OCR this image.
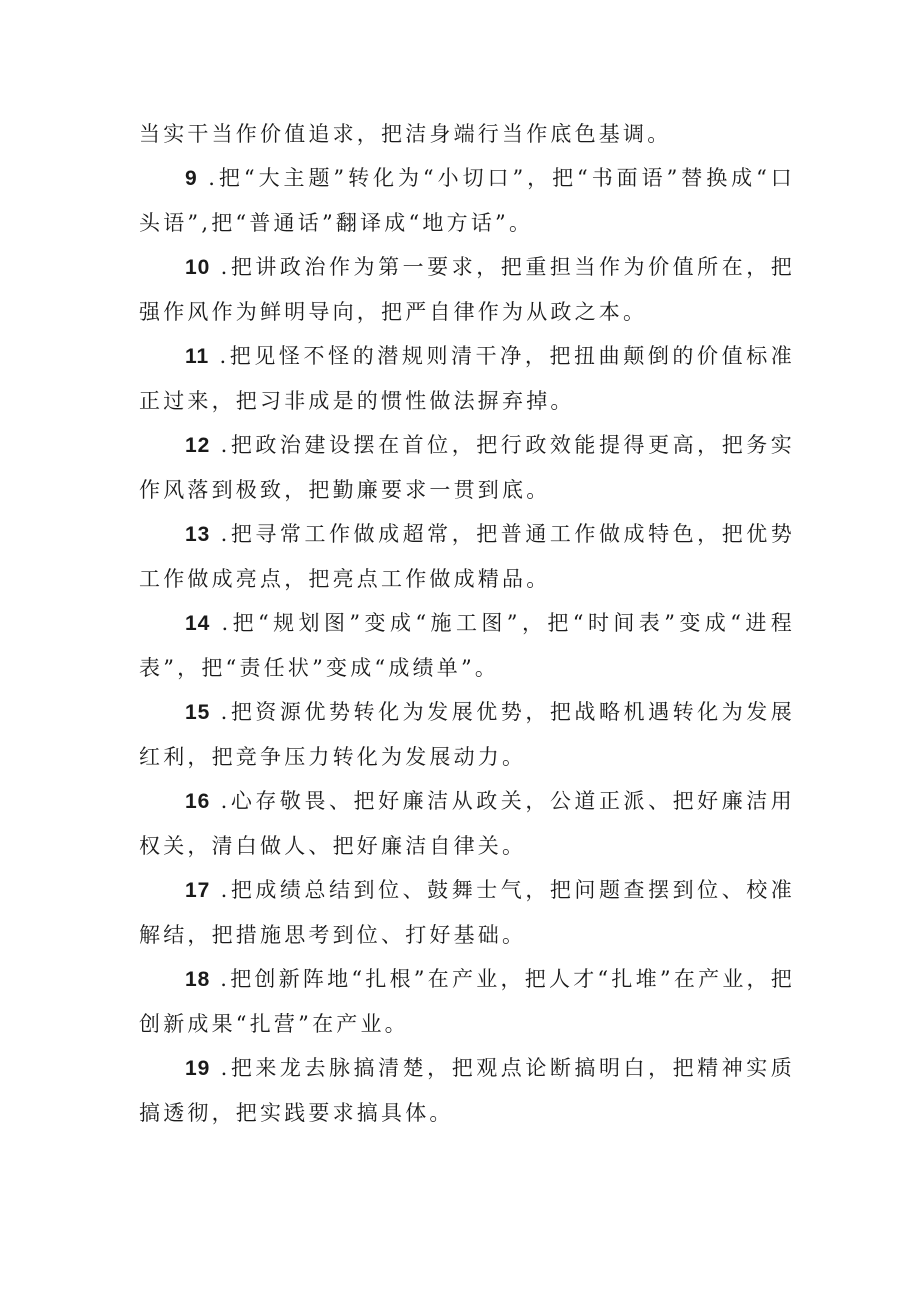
当实干当作价值追求，把洁身端行当作底色基调。

9 .把“大主题”转化为“小切口”，把“书面语”替换成“口头语”,把“普通话”翻译成“地方话”。

10 .把讲政治作为第一要求，把重担当作为价值所在，把强作风作为鲜明导向，把严自律作为从政之本。

11 .把见怪不怪的潜规则清干净，把扭曲颠倒的价值标准正过来，把习非成是的惯性做法摒弃掉。

12 .把政治建设摆在首位，把行政效能提得更高，把务实作风落到极致，把勤廉要求一贯到底。

13 .把寻常工作做成超常，把普通工作做成特色，把优势工作做成亮点，把亮点工作做成精品。

14 .把“规划图”变成“施工图”，把“时间表”变成“进程表”，把“责任状”变成“成绩单”。

15 .把资源优势转化为发展优势，把战略机遇转化为发展红利，把竞争压力转化为发展动力。

16 .心存敬畏、把好廉洁从政关，公道正派、把好廉洁用权关，清白做人、把好廉洁自律关。

17 .把成绩总结到位、鼓舞士气，把问题查摆到位、校准解结，把措施思考到位、打好基础。

18 .把创新阵地“扎根”在产业，把人才“扎堆”在产业，把创新成果“扎营”在产业。

19 .把来龙去脉搞清楚，把观点论断搞明白，把精神实质搞透彻，把实践要求搞具体。
